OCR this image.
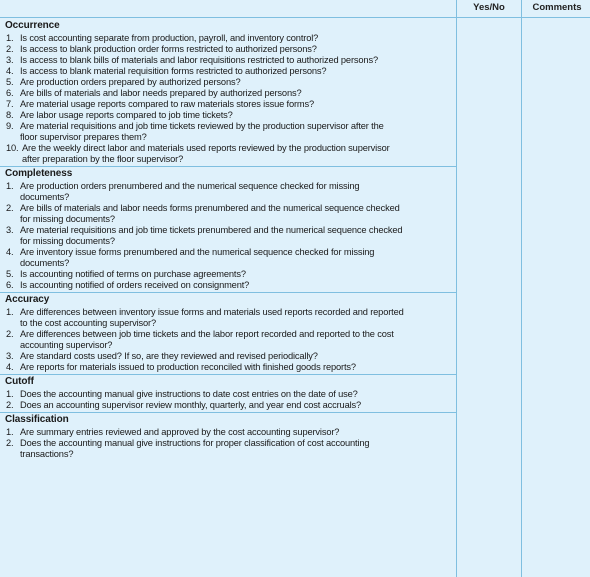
Yes/No	Comments
Occurrence
1. Is cost accounting separate from production, payroll, and inventory control?
2. Is access to blank production order forms restricted to authorized persons?
3. Is access to blank bills of materials and labor requisitions restricted to authorized persons?
4. Is access to blank material requisition forms restricted to authorized persons?
5. Are production orders prepared by authorized persons?
6. Are bills of materials and labor needs prepared by authorized persons?
7. Are material usage reports compared to raw materials stores issue forms?
8. Are labor usage reports compared to job time tickets?
9. Are material requisitions and job time tickets reviewed by the production supervisor after the
floor supervisor prepares them?
10. Are the weekly direct labor and materials used reports reviewed by the production supervisor
after preparation by the floor supervisor?
Completeness
1. Are production orders prenumbered and the numerical sequence checked for missing
documents?
2. Are bills of materials and labor needs forms prenumbered and the numerical sequence checked
for missing documents?
3. Are material requisitions and job time tickets prenumbered and the numerical sequence checked
for missing documents?
4. Are inventory issue forms prenumbered and the numerical sequence checked for missing
documents?
5. Is accounting notified of terms on purchase agreements?
6. Is accounting notified of orders received on consignment?
Accuracy
1. Are differences between inventory issue forms and materials used reports recorded and reported
to the cost accounting supervisor?
2. Are differences between job time tickets and the labor report recorded and reported to the cost
accounting supervisor?
3. Are standard costs used? If so, are they reviewed and revised periodically?
4. Are reports for materials issued to production reconciled with finished goods reports?
Cutoff
1. Does the accounting manual give instructions to date cost entries on the date of use?
2. Does an accounting supervisor review monthly, quarterly, and year end cost accruals?
Classification
1. Are summary entries reviewed and approved by the cost accounting supervisor?
2. Does the accounting manual give instructions for proper classification of cost accounting
transactions?
